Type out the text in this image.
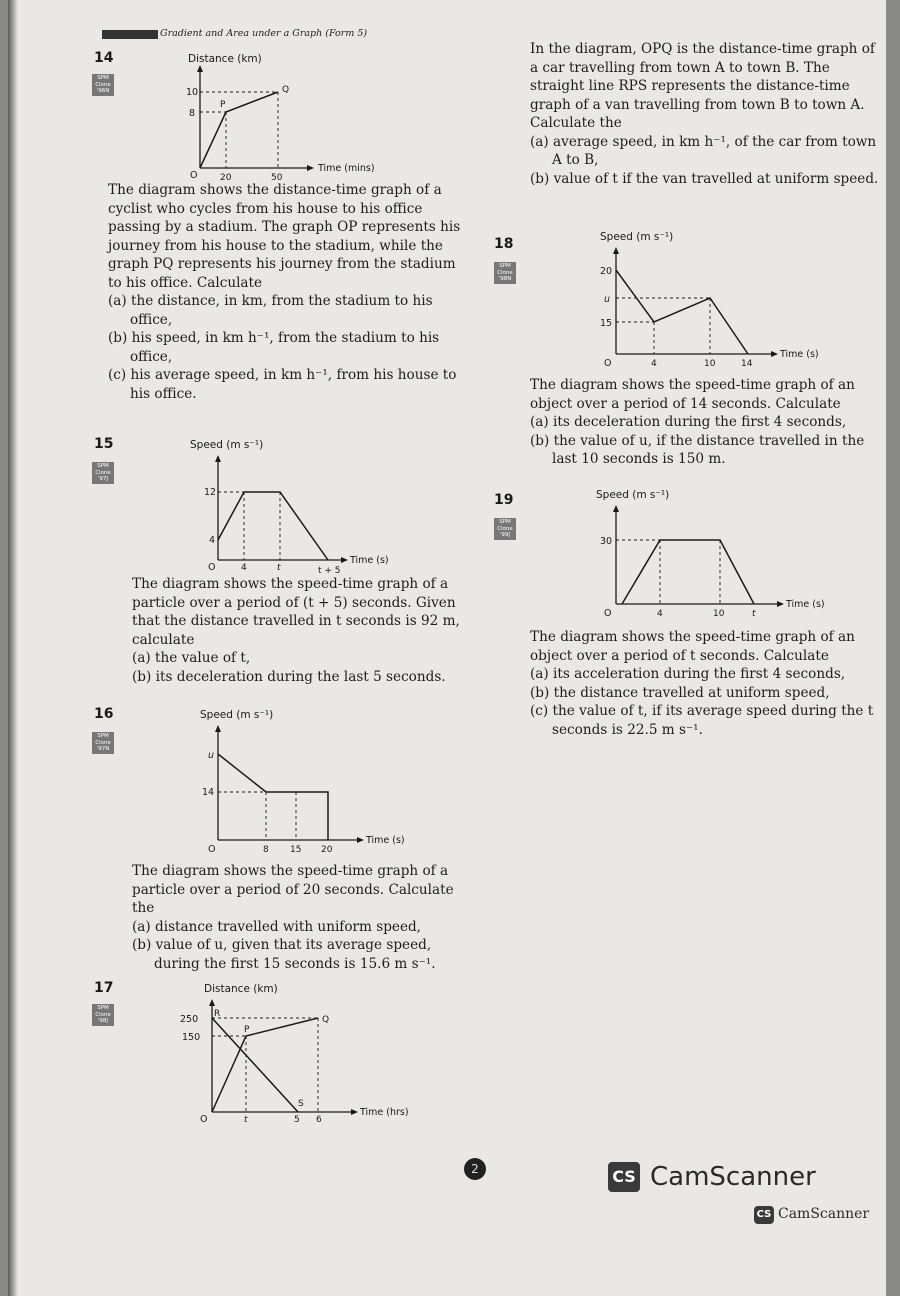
Gradient and Area under a Graph (Form 5)
14
SPM
Clone
'96N
Distance (km)
Time (mins)
10
8
P
Q
O	20	50
The diagram shows the distance-time graph of a cyclist who cycles from his house to his office passing by a stadium. The graph OP represents his journey from his house to the stadium, while the graph PQ represents his journey from the stadium to his office. Calculate
(a) the distance, in km, from the stadium to his office,
(b) his speed, in km h⁻¹, from the stadium to his office,
(c) his average speed, in km h⁻¹, from his house to his office.
15
SPM
Clone
'97J
Speed (m s⁻¹)
Time (s)
12
4
O	4	t	t + 5
The diagram shows the speed-time graph of a particle over a period of (t + 5) seconds. Given that the distance travelled in t seconds is 92 m, calculate
(a) the value of t,
(b) its deceleration during the last 5 seconds.
16
SPM
Clone
'97N
Speed (m s⁻¹)
Time (s)
u
14
O	8 15 20
The diagram shows the speed-time graph of a particle over a period of 20 seconds. Calculate the
(a) distance travelled with uniform speed,
(b) value of u, given that its average speed, during the first 15 seconds is 15.6 m s⁻¹.
17
SPM
Clone
'98J
Distance (km)
Time (hrs)
250
150
R
Q
P
S
O	t	5 6
In the diagram, OPQ is the distance-time graph of a car travelling from town A to town B. The straight line RPS represents the distance-time graph of a van travelling from town B to town A. Calculate the
(a) average speed, in km h⁻¹, of the car from town A to B,
(b) value of t if the van travelled at uniform speed.
18
SPM
Clone
'98N
Speed (m s⁻¹)
Time (s)
20
u
15
O	4	10	14
The diagram shows the speed-time graph of an object over a period of 14 seconds. Calculate
(a) its deceleration during the first 4 seconds,
(b) the value of u, if the distance travelled in the last 10 seconds is 150 m.
19
SPM
Clone
'99J
Speed (m s⁻¹)
Time (s)
30
O	4	10	t
The diagram shows the speed-time graph of an object over a period of t seconds. Calculate
(a) its acceleration during the first 4 seconds,
(b) the distance travelled at uniform speed,
(c) the value of t, if its average speed during the t seconds is 22.5 m s⁻¹.
2	CS CamScanner
CS CamScanner
